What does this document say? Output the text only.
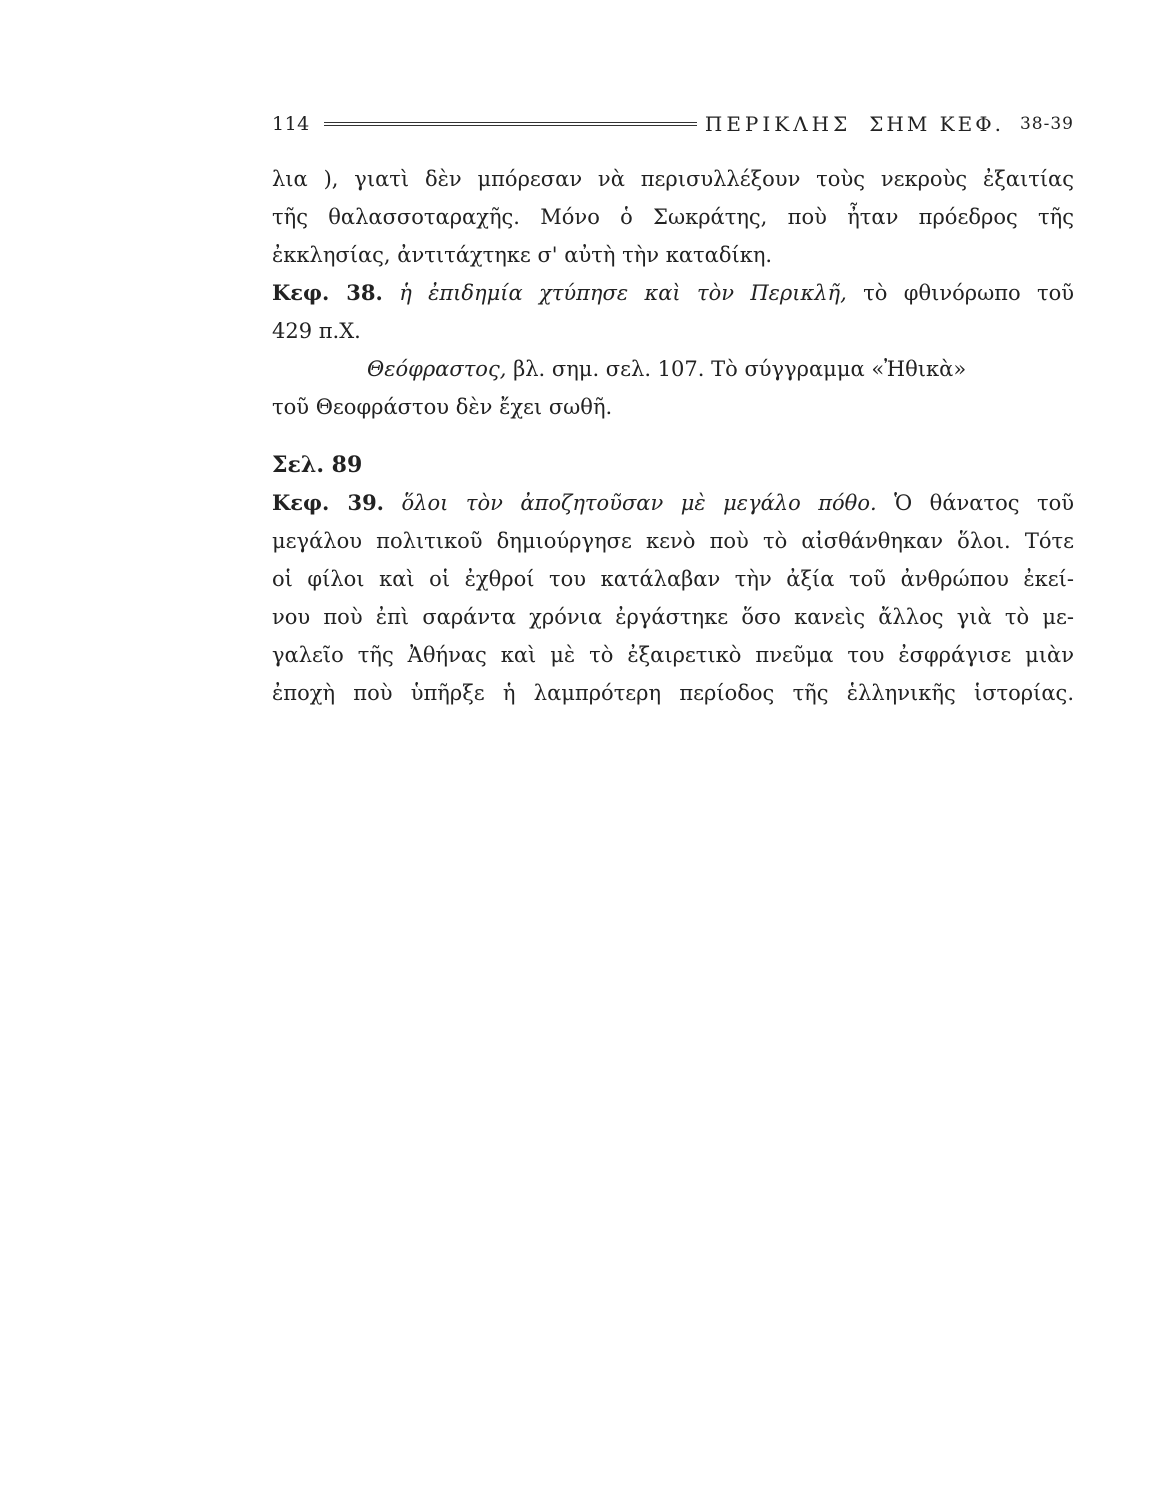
114	ΠΕΡΙΚΛΗΣ ΣΗΜ ΚΕΦ. 38-39
λια ), γιατὶ δὲν μπόρεσαν νὰ περισυλλέξουν τοὺς νεκροὺς ἐξαιτίας
τῆς θαλασσοταραχῆς. Μόνο ὁ Σωκράτης, ποὺ ἦταν πρόεδρος τῆς
ἐκκλησίας, ἀντιτάχτηκε σ' αὐτὴ τὴν καταδίκη.
Κεφ. 38. ἡ ἐπιδημία χτύπησε καὶ τὸν Περικλῆ, τὸ φθινόρωπο τοῦ
429 π.Χ.
Θεόφραστος, βλ. σημ. σελ. 107. Τὸ σύγγραμμα «Ἠθικὰ»
τοῦ Θεοφράστου δὲν ἔχει σωθῆ.
Σελ. 89
Κεφ. 39. ὅλοι τὸν ἀποζητοῦσαν μὲ μεγάλο πόθο. Ὁ θάνατος τοῦ
μεγάλου πολιτικοῦ δημιούργησε κενὸ ποὺ τὸ αἰσθάνθηκαν ὅλοι. Τότε
οἱ φίλοι καὶ οἱ ἐχθροί του κατάλαβαν τὴν ἀξία τοῦ ἀνθρώπου ἐκεί-
νου ποὺ ἐπὶ σαράντα χρόνια ἐργάστηκε ὅσο κανεὶς ἄλλος γιὰ τὸ με-
γαλεῖο τῆς Ἀθήνας καὶ μὲ τὸ ἐξαιρετικὸ πνεῦμα του ἐσφράγισε μιὰν
ἐποχὴ ποὺ ὑπῆρξε ἡ λαμπρότερη περίοδος τῆς ἑλληνικῆς ἱστορίας.
